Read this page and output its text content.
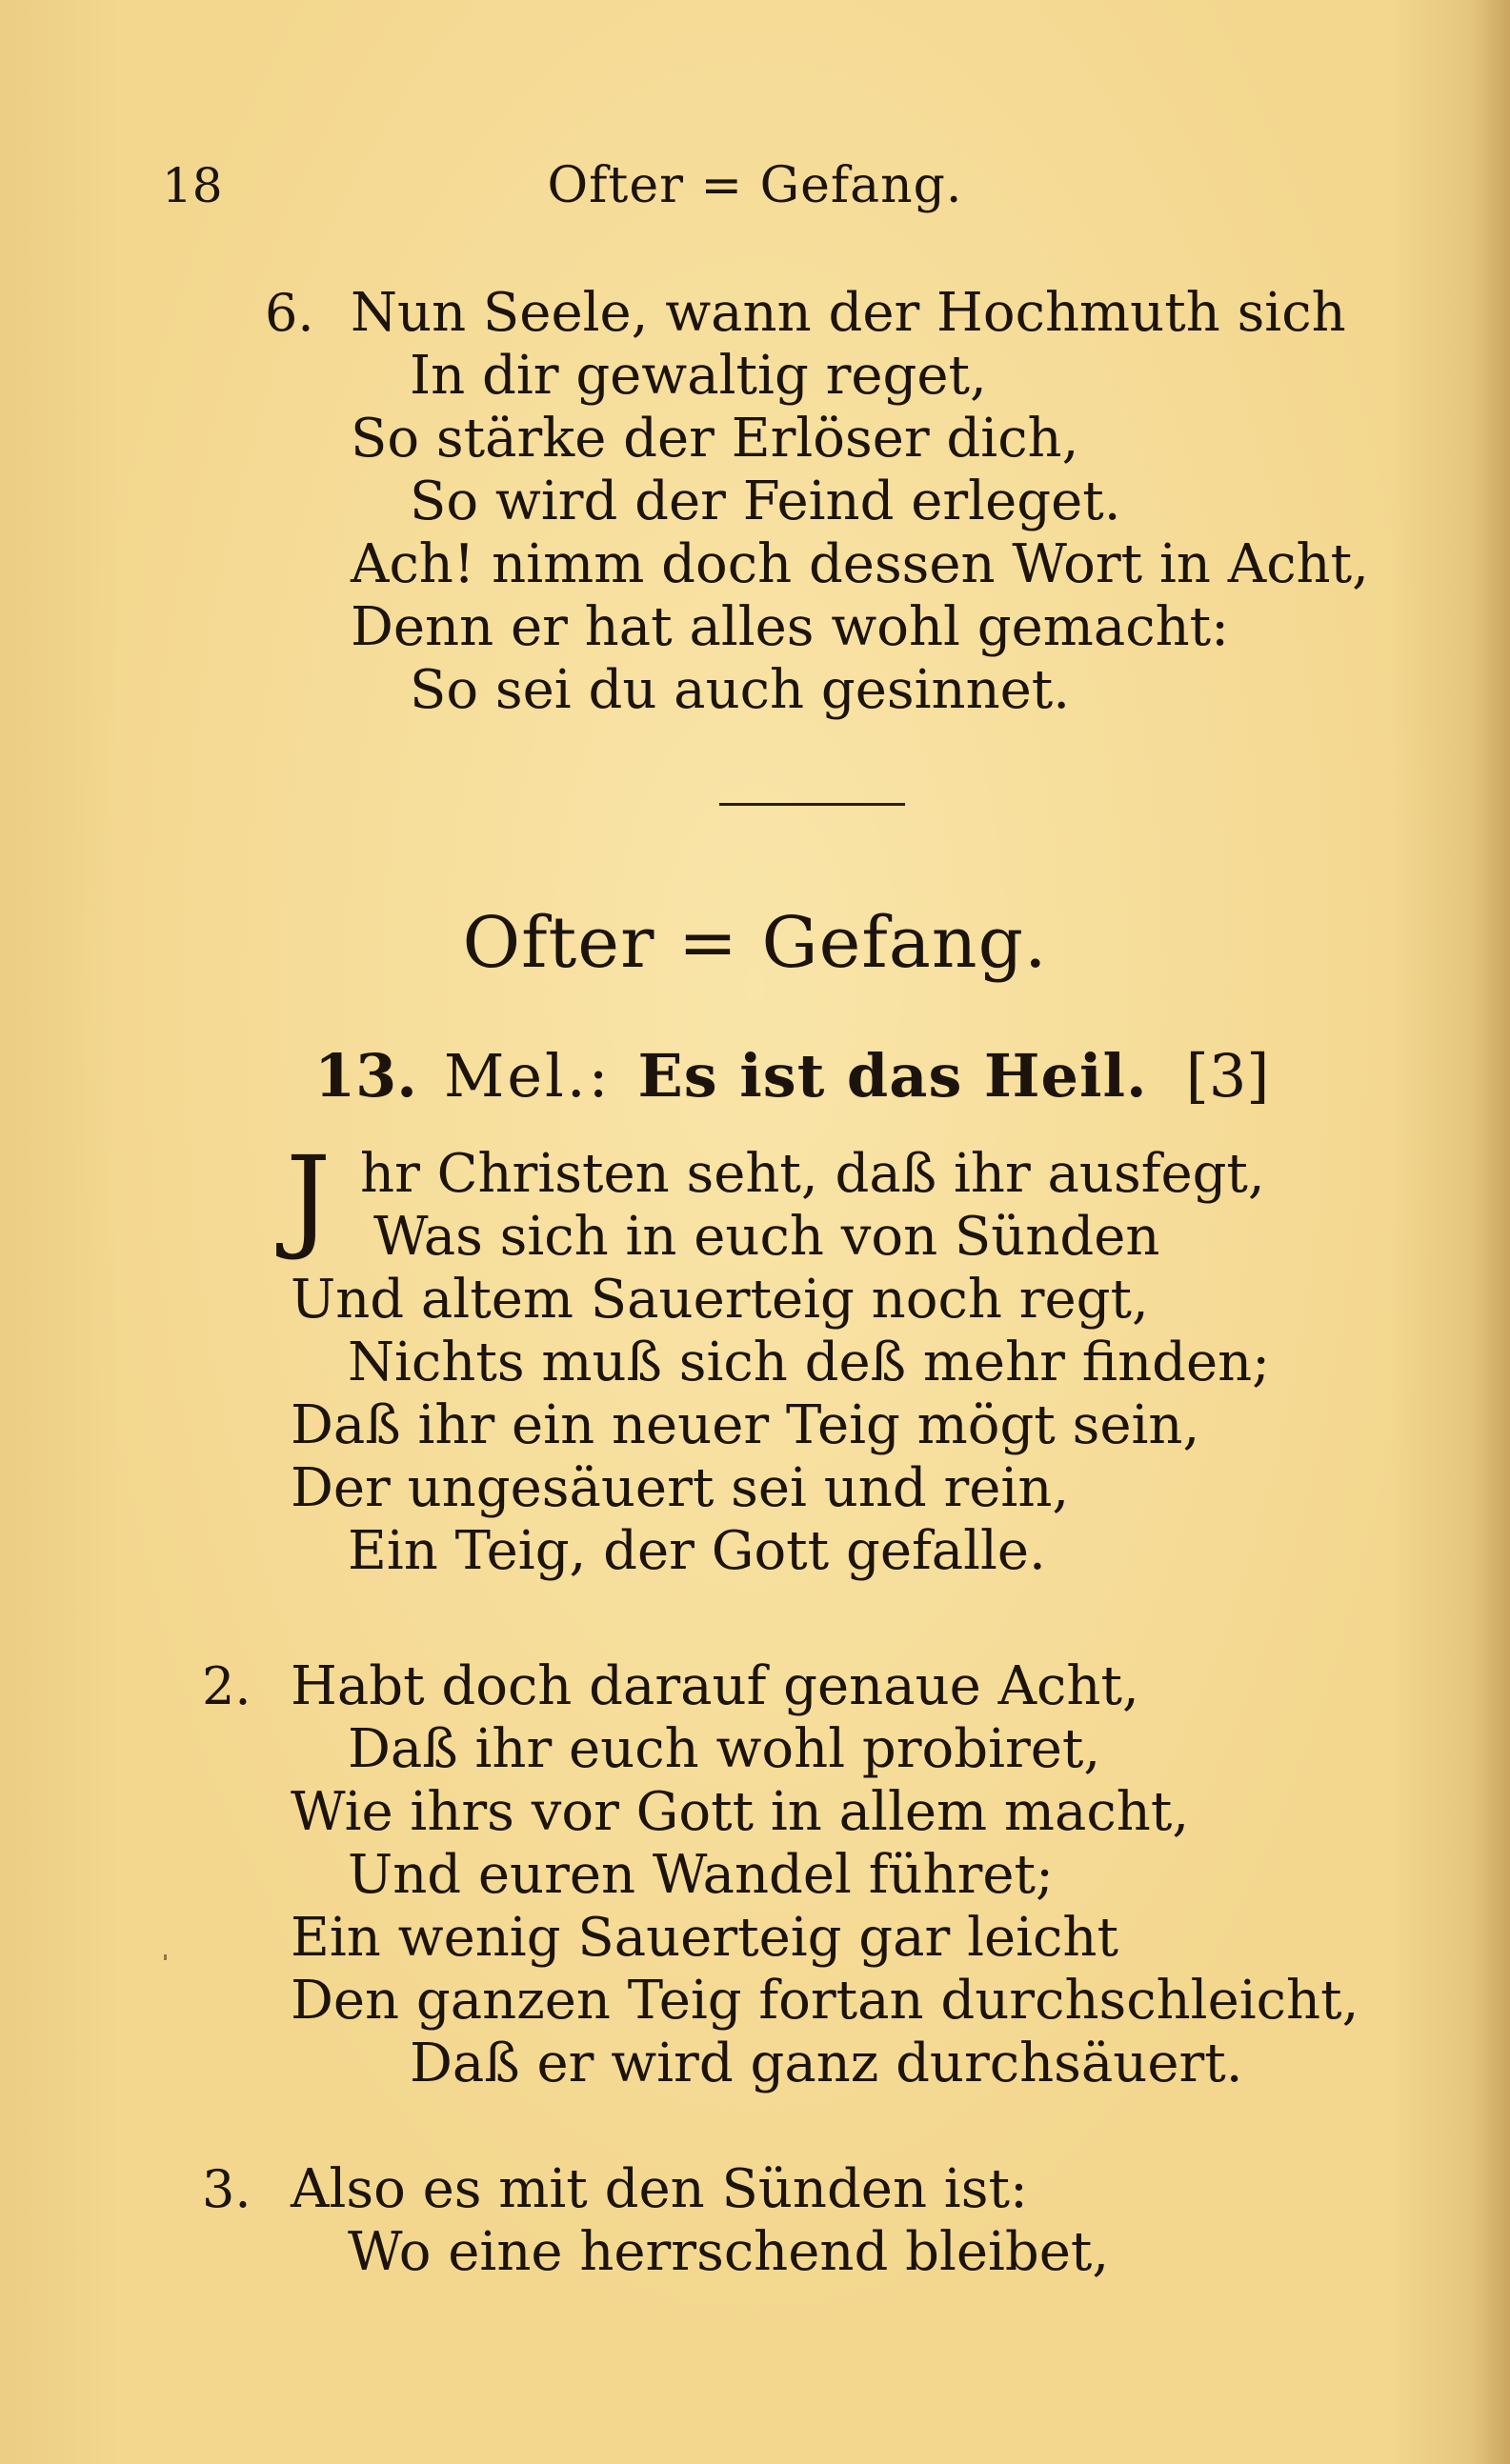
18	Ofter = Gefang.
6. Nun Seele, wann der Hochmuth sich
In dir gewaltig reget,
So stärke der Erlöser dich,
So wird der Feind erleget.
Ach! nimm doch dessen Wort in Acht,
Denn er hat alles wohl gemacht:
So sei du auch gesinnet.
Ofter = Gefang.
13. Mel.: Es ist das Heil. [3]
J hr Christen seht, daß ihr ausfegt,
Was sich in euch von Sünden
Und altem Sauerteig noch regt,
Nichts muß sich deß mehr finden;
Daß ihr ein neuer Teig mögt sein,
Der ungesäuert sei und rein,
Ein Teig, der Gott gefalle.
2. Habt doch darauf genaue Acht,
Daß ihr euch wohl probiret,
Wie ihrs vor Gott in allem macht,
Und euren Wandel führet;
Ein wenig Sauerteig gar leicht
Den ganzen Teig fortan durchschleicht,
Daß er wird ganz durchsäuert.
3. Also es mit den Sünden ist:
Wo eine herrschend bleibet,
